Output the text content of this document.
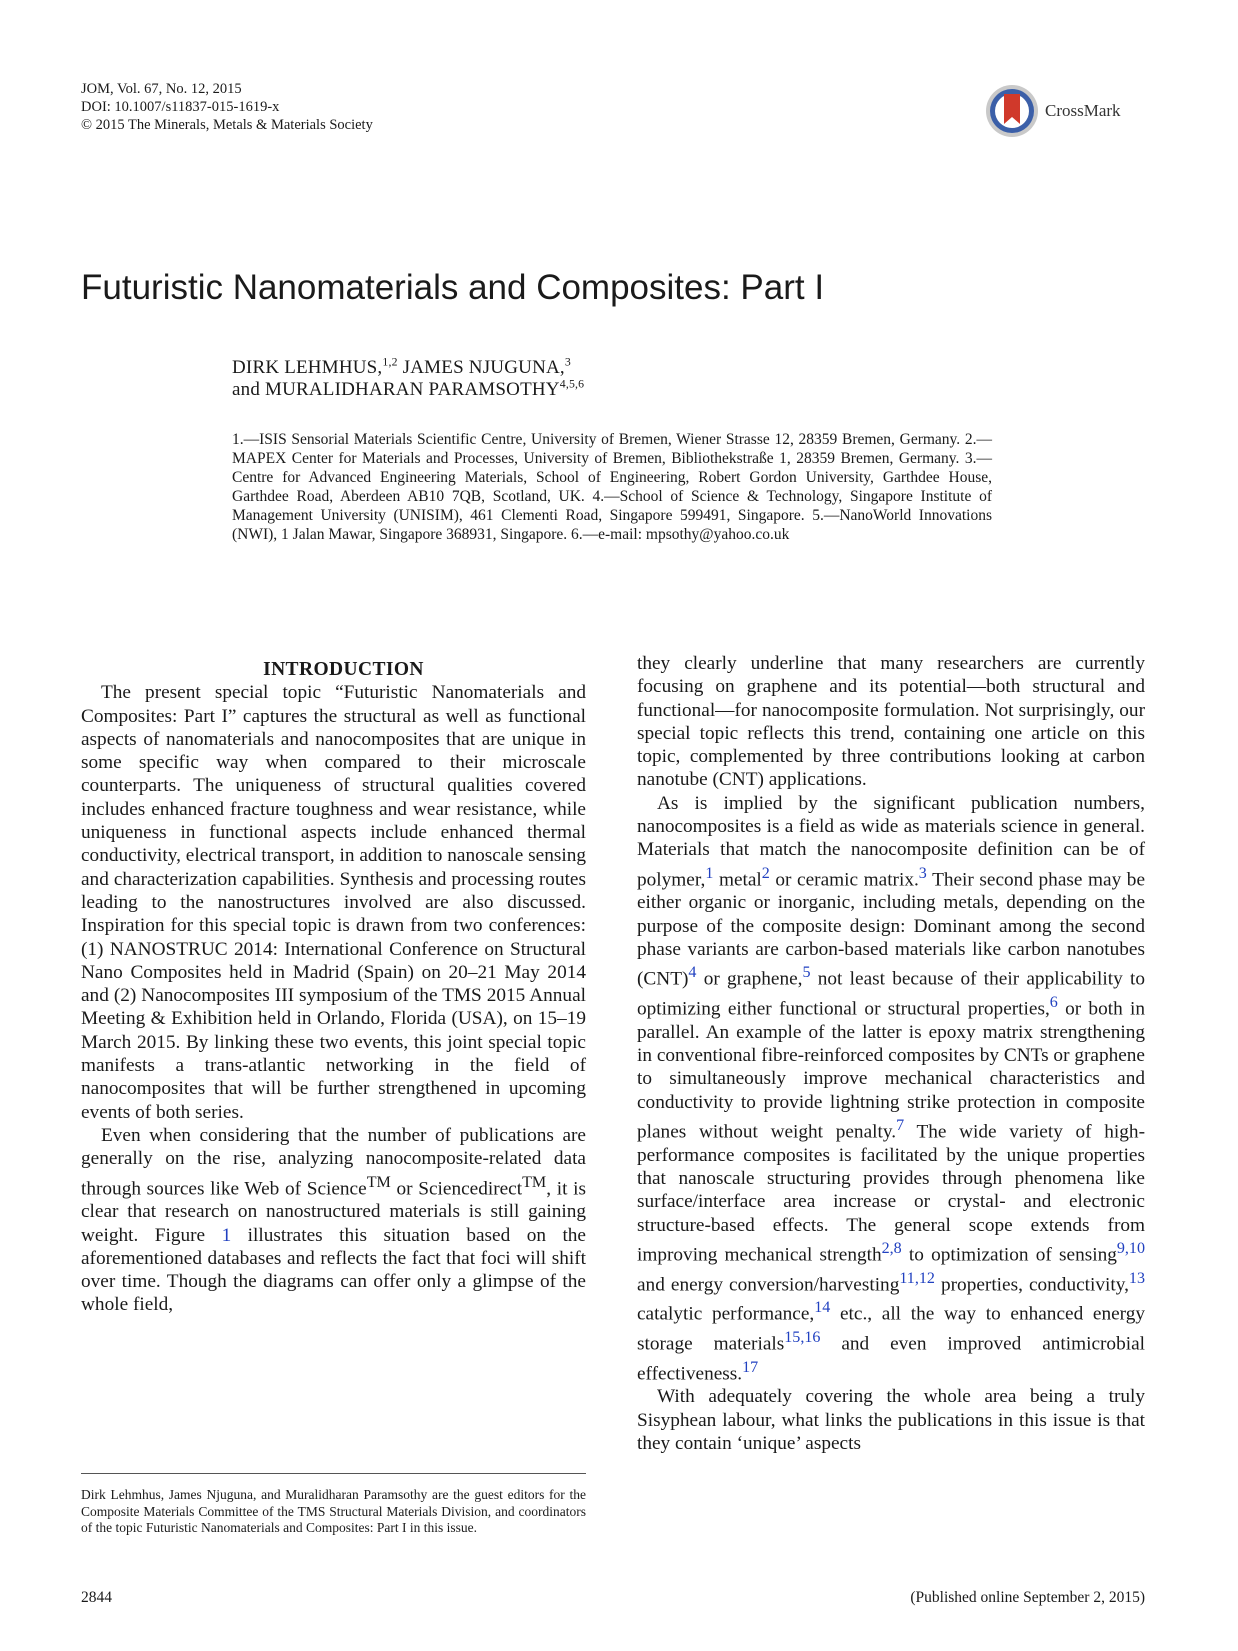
JOM, Vol. 67, No. 12, 2015
DOI: 10.1007/s11837-015-1619-x
© 2015 The Minerals, Metals & Materials Society
CrossMark
Futuristic Nanomaterials and Composites: Part I
DIRK LEHMHUS,$^{1,2}$ JAMES NJUGUNA,$^3$
and MURALIDHARAN PARAMSOTHY$^{4,5,6}$
1.—ISIS Sensorial Materials Scientific Centre, University of Bremen, Wiener Strasse 12, 28359 Bremen, Germany. 2.—MAPEX Center for Materials and Processes, University of Bremen, Bibliothekstraße 1, 28359 Bremen, Germany. 3.—Centre for Advanced Engineering Materials, School of Engineering, Robert Gordon University, Garthdee House, Garthdee Road, Aberdeen AB10 7QB, Scotland, UK. 4.—School of Science & Technology, Singapore Institute of Management University (UNISIM), 461 Clementi Road, Singapore 599491, Singapore. 5.—NanoWorld Innovations (NWI), 1 Jalan Mawar, Singapore 368931, Singapore. 6.—e-mail: mpsothy@yahoo.co.uk

INTRODUCTION

The present special topic “Futuristic Nanomaterials and Composites: Part I” captures the structural as well as functional aspects of nanomaterials and nanocomposites that are unique in some specific way when compared to their microscale counterparts. The uniqueness of structural qualities covered includes enhanced fracture toughness and wear resistance, while uniqueness in functional aspects include enhanced thermal conductivity, electrical transport, in addition to nanoscale sensing and characterization capabilities. Synthesis and processing routes leading to the nanostructures involved are also discussed. Inspiration for this special topic is drawn from two conferences: (1) NANOSTRUC 2014: International Conference on Structural Nano Composites held in Madrid (Spain) on 20–21 May 2014 and (2) Nanocomposites III symposium of the TMS 2015 Annual Meeting & Exhibition held in Orlando, Florida (USA), on 15–19 March 2015. By linking these two events, this joint special topic manifests a trans-atlantic networking in the field of nanocomposites that will be further strengthened in upcoming events of both series.

Even when considering that the number of publications are generally on the rise, analyzing nanocomposite-related data through sources like Web of Science™ or Sciencedirect™, it is clear that research on nanostructured materials is still gaining weight. Figure 1 illustrates this situation based on the aforementioned databases and reflects the fact that foci will shift over time. Though the diagrams can offer only a glimpse of the whole field,

they clearly underline that many researchers are currently focusing on graphene and its potential—both structural and functional—for nanocomposite formulation. Not surprisingly, our special topic reflects this trend, containing one article on this topic, complemented by three contributions looking at carbon nanotube (CNT) applications.

As is implied by the significant publication numbers, nanocomposites is a field as wide as materials science in general. Materials that match the nanocomposite definition can be of polymer,$^1$ metal$^2$ or ceramic matrix.$^3$ Their second phase may be either organic or inorganic, including metals, depending on the purpose of the composite design: Dominant among the second phase variants are carbon-based materials like carbon nanotubes (CNT)$^4$ or graphene,$^5$ not least because of their applicability to optimizing either functional or structural properties,$^6$ or both in parallel. An example of the latter is epoxy matrix strengthening in conventional fibre-reinforced composites by CNTs or graphene to simultaneously improve mechanical characteristics and conductivity to provide lightning strike protection in composite planes without weight penalty.$^7$ The wide variety of high-performance composites is facilitated by the unique properties that nanoscale structuring provides through phenomena like surface/interface area increase or crystal- and electronic structure-based effects. The general scope extends from improving mechanical strength$^{2,8}$ to optimization of sensing$^{9,10}$ and energy conversion/harvesting$^{11,12}$ properties, conductivity,$^{13}$ catalytic performance,$^{14}$ etc., all the way to enhanced energy storage materials$^{15,16}$ and even improved antimicrobial effectiveness.$^{17}$

With adequately covering the whole area being a truly Sisyphean labour, what links the publications in this issue is that they contain ‘unique’ aspects

Dirk Lehmhus, James Njuguna, and Muralidharan Paramsothy are the guest editors for the Composite Materials Committee of the TMS Structural Materials Division, and coordinators of the topic Futuristic Nanomaterials and Composites: Part I in this issue.
2844	(Published online September 2, 2015)
